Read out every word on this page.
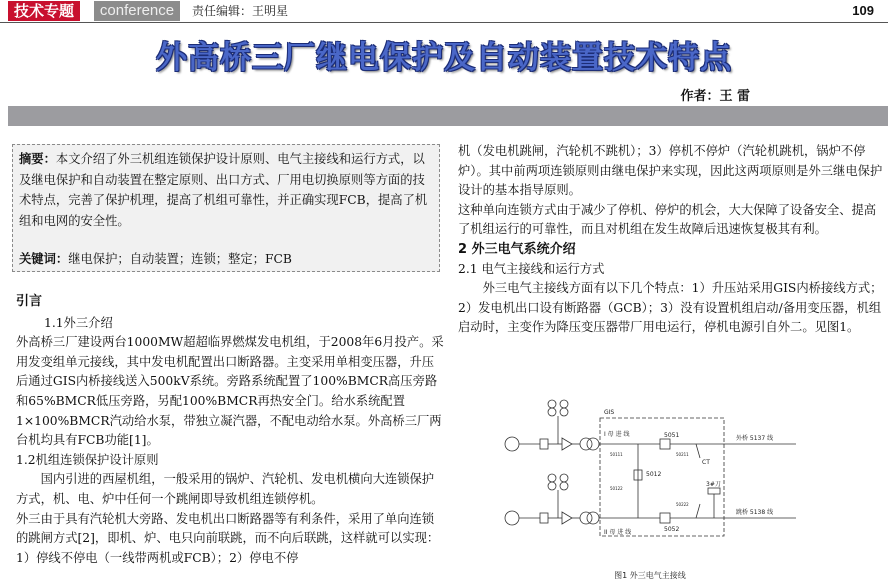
技术专题	conference	责任编辑：王明星	109
外高桥三厂继电保护及自动装置技术特点
作者：王 雷

摘要：本文介绍了外三机组连锁保护设计原则、电气主接线和运行方式，以及继电保护和自动装置在整定原则、出口方式、厂用电切换原则等方面的技术特点，完善了保护机理，提高了机组可靠性，并正确实现FCB，提高了机组和电网的安全性。

关键词：继电保护；自动装置；连锁；整定；FCB

引言

1.1外三介绍

外高桥三厂建设两台1000MW超超临界燃煤发电机组，于2008年6月投产。采用发变组单元接线，其中发电机配置出口断路器。主变采用单相变压器，升压后通过GIS内桥接线送入500kV系统。旁路系统配置了100%BMCR高压旁路和65%BMCR低压旁路，另配100%BMCR再热安全门。给水系统配置1×100%BMCR汽动给水泵，带独立凝汽器，不配电动给水泵。外高桥三厂两台机均具有FCB功能[1]。

1.2机组连锁保护设计原则

国内引进的西屋机组，一般采用的锅炉、汽轮机、发电机横向大连锁保护方式，机、电、炉中任何一个跳闸即导致机组连锁停机。

外三由于具有汽轮机大旁路、发电机出口断路器等有利条件，采用了单向连锁的跳闸方式[2]，即机、炉、电只向前联跳，而不向后联跳，这样就可以实现：1）停线不停电（一线带两机或FCB）；2）停电不停

机（发电机跳闸，汽轮机不跳机）；3）停机不停炉（汽轮机跳机，锅炉不停炉）。其中前两项连锁原则由继电保护来实现，因此这两项原则是外三继电保护设计的基本指导原则。

这种单向连锁方式由于减少了停机、停炉的机会，大大保障了设备安全、提高了机组运行的可靠性，而且对机组在发生故障后迅速恢复极其有利。

2 外三电气系统介绍

2.1 电气主接线和运行方式

外三电气主接线方面有以下几个特点：1）升压站采用GIS内桥接线方式；2）发电机出口设有断路器（GCB）；3）没有设置机组启动/备用变压器，机组启动时，主变作为降压变压器带厂用电运行，停机电源引自外二。见图1。

GIS
I 母 进 线
II 母 进 线
5051
5012
5052
外桥 5137 线
跳桥 5138 线
CT
3#刀
50111
50122
50211
50222
图1 外三电气主接线
